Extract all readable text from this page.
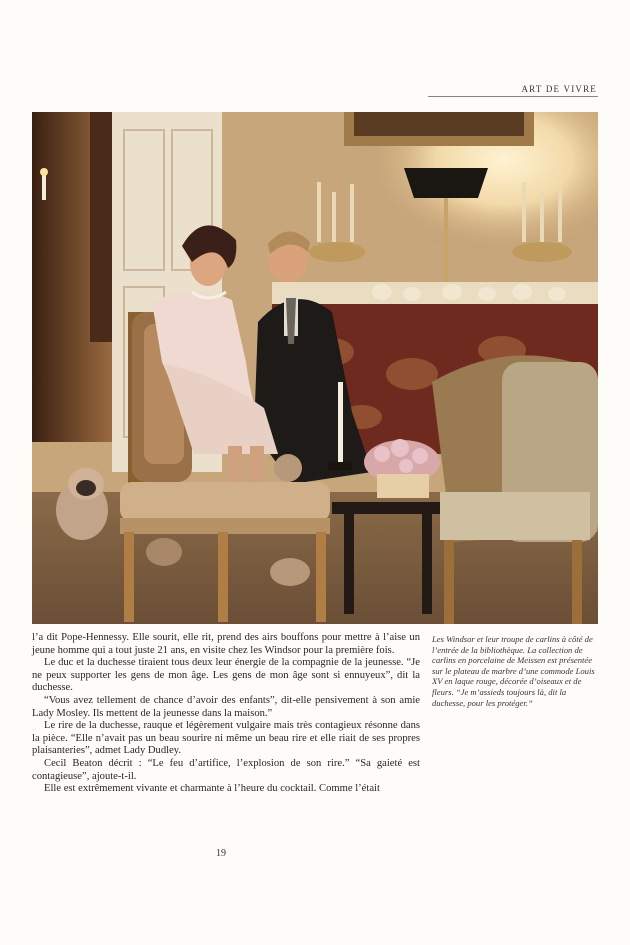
ART DE VIVRE

l’a dit Pope-Hennessy. Elle sourit, elle rit, prend des airs bouffons pour mettre à l’aise un jeune homme qui a tout juste 21 ans, en visite chez les Windsor pour la première fois.

Le duc et la duchesse tiraient tous deux leur énergie de la compagnie de la jeunesse. “Je ne peux supporter les gens de mon âge. Les gens de mon âge sont si ennuyeux”, dit la duchesse.

“Vous avez tellement de chance d’avoir des enfants”, dit-elle pensivement à son amie Lady Mosley. Ils mettent de la jeunesse dans la maison.”

Le rire de la duchesse, rauque et légèrement vulgaire mais très contagieux résonne dans la pièce. “Elle n’avait pas un beau sourire ni même un beau rire et elle riait de ses propres plaisanteries”, admet Lady Dudley.

Cecil Beaton décrit : “Le feu d’artifice, l’explosion de son rire.” “Sa gaieté est contagieuse”, ajoute-t-il.

Elle est extrêmement vivante et charmante à l’heure du cocktail. Comme l’était

Les Windsor et leur troupe de carlins à côté de l’entrée de la bibliothèque. La collection de carlins en porcelaine de Meissen est présentée sur le plateau de marbre d’une commode Louis XV en laque rouge, décorée d’oiseaux et de fleurs. “Je m’assieds toujours là, dit la duchesse, pour les protéger.”
19
